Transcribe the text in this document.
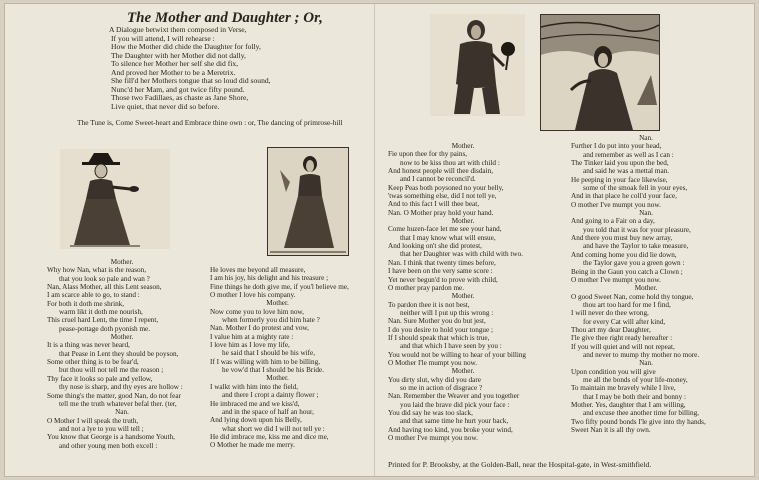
The Mother and Daughter ; Or,
A Dialogue betwixt them composed in Verse,
If you will attend, I will rehearse :
How the Mother did chide the Daughter for folly,
The Daughter with her Mother did not dally,
To silence her Mother her self she did fix,
And proved her Mother to be a Meretrix.
She fill'd her Mothers tongue that so loud did sound,
Nunc'd her Mam, and got twice fifty pound.
Those two Fadillaes, as chaste as Jane Shore,
Live quiet, that never did so before.
The Tune is, Come Sweet-heart and Embrace thine own : or, The dancing of primrose-hill
Mother.
Why how Nan, what is the reason,
that you look so pale and wan ?
Nan, Alass Mother, all this Lent season,
I am scarce able to go, to stand :
For both it doth me shrink,
warm likt it doth me nourish,
This cruel hard Lent, the time I repent,
pease-pottage doth pyonish me.
Mother.
It is a thing was never heard,
that Pease in Lent they should be poyson,
Some other thing is to be fear'd,
but thou will not tell me the reason ;
Thy face it looks so pale and yellow,
thy nose is sharp, and thy eyes are hollow :
Some thing's the matter, good Nan, do not fear
tell me the truth whatever befal ther. (ter,
Nan.
O Mother I will speak the truth,
and not a lye to you will tell ;
You know that George is a handsome Youth,
and other young men both excell :
He loves me beyond all measure,
I am his joy, his delight and his treasure ;
Fine things he doth give me, if you'l believe me,
O mother I love his company.
Mother.
Now come you to love him now,
when formerly you did him hate ?
Nan. Mother I do protest and vow,
I value him at a mighty rate :
I love him as I love my life,
he said that I should be his wife,
If I was willing with him to be billing,
he vow'd that I should be his Bride.
Mother.
I walkt with him into the field,
and there I cropt a dainty flower ;
He imbraced me and we kiss'd,
and in the space of half an hour,
And lying down upon his Belly,
what short we did I will not tell ye :
He did imbrace me, kiss me and dice me,
O Mother he made me merry.
Mother.
Fie upon thee for thy pains,
now to be kiss thou art with child :
And honest people will thee disdain,
and I cannot be reconcil'd.
Keep Peas both poysoned no your belly,
'twas something else, did I not tell ye,
And to this fact I will thee beat,
Nan. O Mother pray hold your hand.
Mother.
Come huzen-face let me see your hand,
that I may know what will ensue,
And looking on't she did protest,
that her Daughter was with child with two.
Nan. I think that twenty times before,
I have been on the very same score :
Yet never begun'd to prove with child,
O mother pray pardon me.
Mother.
To pardon thee it is not best,
neither will I put up this wrong :
Nan. Sure Mother you do but jest,
I do you desire to hold your tongue ;
If I should speak that which is true,
and that which I have seen by you :
You would not be willing to hear of your billing
O Mother I'le mumpt you now.
Mother.
You dirty slut, why did you dare
so me in action of disgrace ?
Nan. Remember the Weaver and you together
you laid the brave did pick your face :
You did say he was too slack,
and that same time he hurt your back,
And having too kind, you broke your wind,
O mother I've mumpt you now.
Nan.
Further I do put into your head,
and remember as well as I can :
The Tinker laid you upon the bed,
and said he was a mettal man.
He peeping in your face likewise,
some of the smoak fell in your eyes,
And in that place he coll'd your face,
O mother I've mumpt you now.
Nan.
And going to a Fair on a day,
you told that it was for your pleasure,
And there you must buy new array,
and have the Taylor to take measure,
And coming home you did lie down,
the Taylor gave you a green gown :
Being in the Gaun you catch a Clown ;
O mother I've mumpt you now.
Mother.
O good Sweet Nan, come hold thy tongue,
thou art too hard for me I find,
I will never do thee wrong,
for every Cat will after kind,
Thou art my dear Daughter,
I'le give thee right ready hereafter :
If you will quiet and will not repeat,
and never to mump thy mother no more.
Nan.
Upon condition you will give
me all the bonds of your life-money,
To maintain me bravely while I live,
that I may be both their and bonny :
Mother. Yes, daughter that I am willing,
and excuse thee another time for billing,
Two fifty pound bonds I'le give into thy hands,
Sweet Nan it is all thy own.
Printed for P. Brooksby, at the Golden-Ball, near the Hospital-gate, in West-smithfield.
